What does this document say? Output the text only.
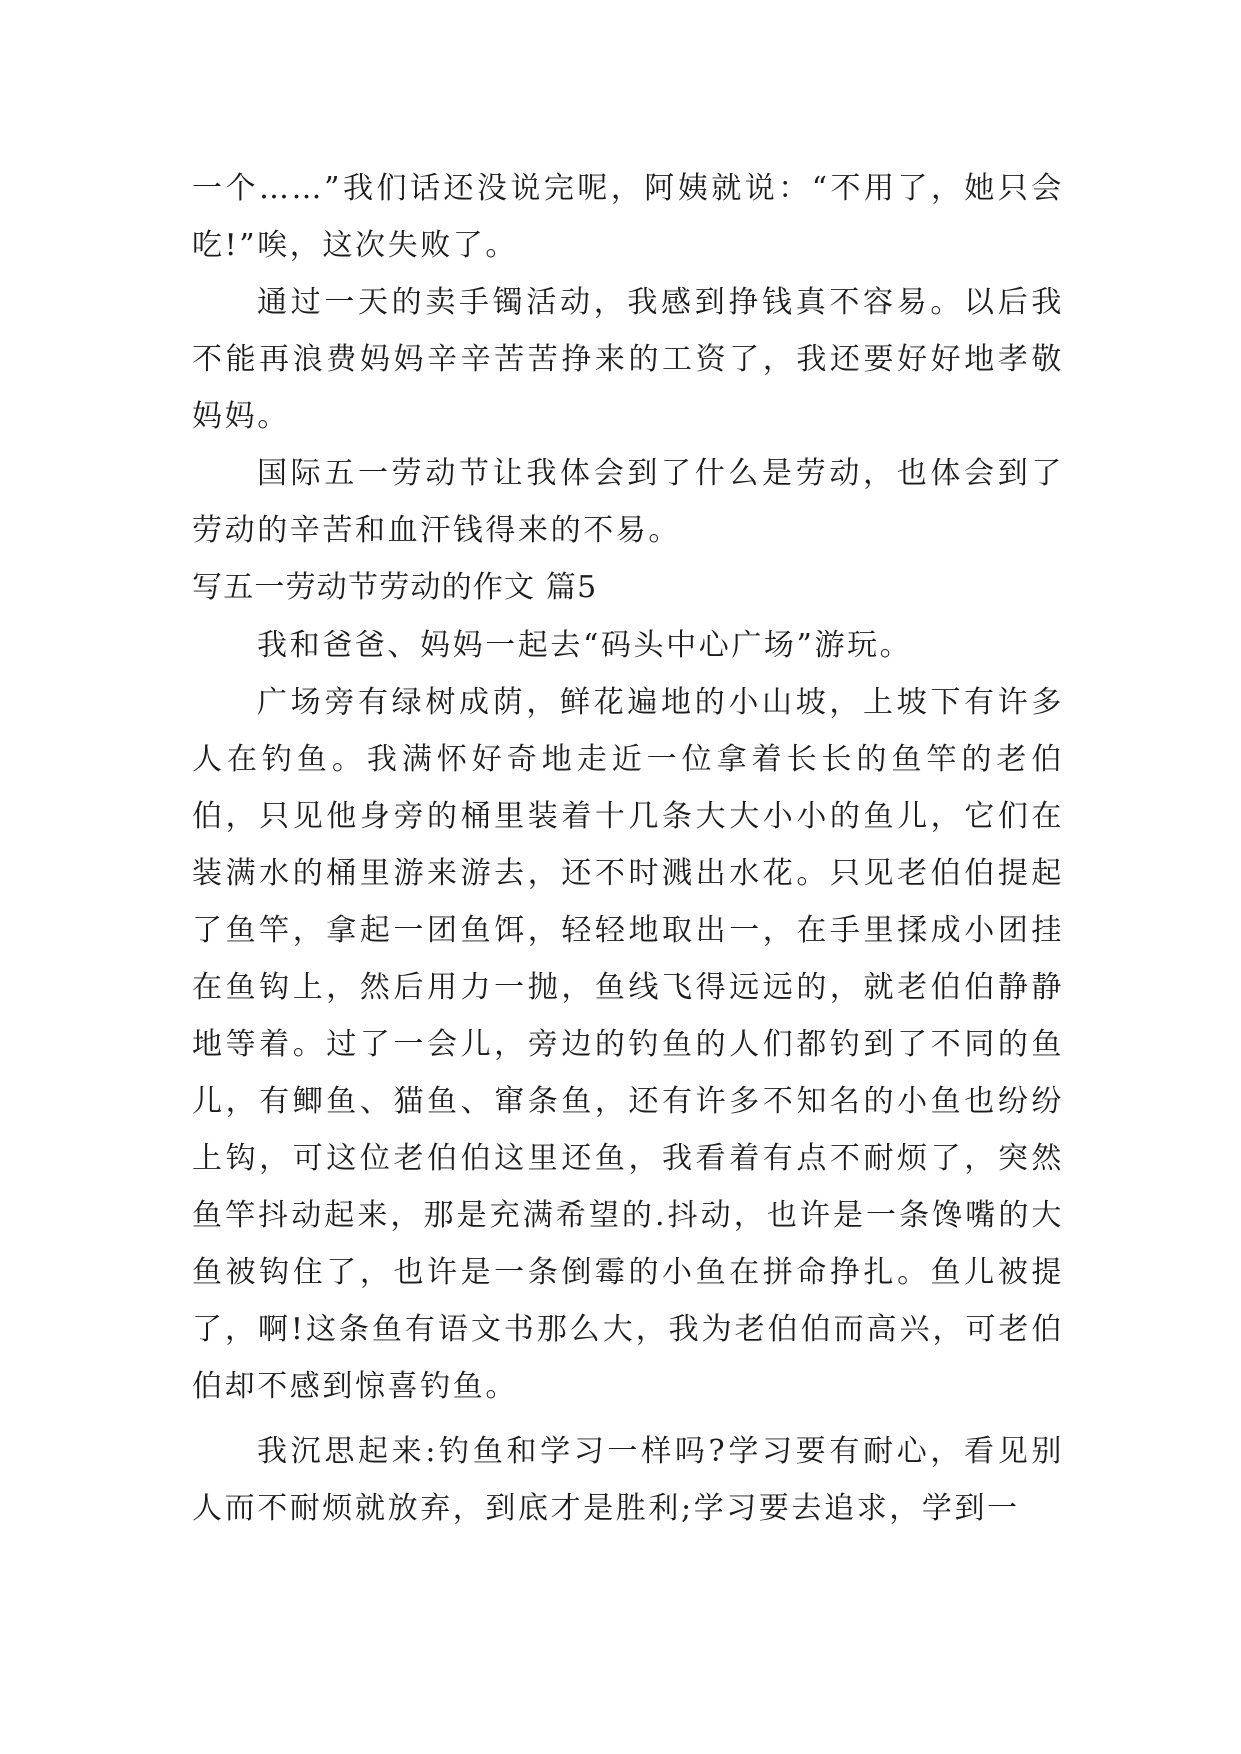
一个……”我们话还没说完呢，阿姨就说：“不用了，她只会吃!”唉，这次失败了。

通过一天的卖手镯活动，我感到挣钱真不容易。以后我不能再浪费妈妈辛辛苦苦挣来的工资了，我还要好好地孝敬妈妈。

国际五一劳动节让我体会到了什么是劳动，也体会到了劳动的辛苦和血汗钱得来的不易。

写五一劳动节劳动的作文 篇5

我和爸爸、妈妈一起去“码头中心广场”游玩。

广场旁有绿树成荫，鲜花遍地的小山坡，上坡下有许多人在钓鱼。我满怀好奇地走近一位拿着长长的鱼竿的老伯伯，只见他身旁的桶里装着十几条大大小小的鱼儿，它们在装满水的桶里游来游去，还不时溅出水花。只见老伯伯提起了鱼竿，拿起一团鱼饵，轻轻地取出一，在手里揉成小团挂在鱼钩上，然后用力一抛，鱼线飞得远远的，就老伯伯静静地等着。过了一会儿，旁边的钓鱼的人们都钓到了不同的鱼儿，有鲫鱼、猫鱼、窜条鱼，还有许多不知名的小鱼也纷纷上钩，可这位老伯伯这里还鱼，我看着有点不耐烦了，突然鱼竿抖动起来，那是充满希望的.抖动，也许是一条馋嘴的大鱼被钩住了，也许是一条倒霉的小鱼在拼命挣扎。鱼儿被提了，啊!这条鱼有语文书那么大，我为老伯伯而高兴，可老伯伯却不感到惊喜钓鱼。

我沉思起来:钓鱼和学习一样吗?学习要有耐心，看见别人而不耐烦就放弃，到底才是胜利;学习要去追求，学到一
